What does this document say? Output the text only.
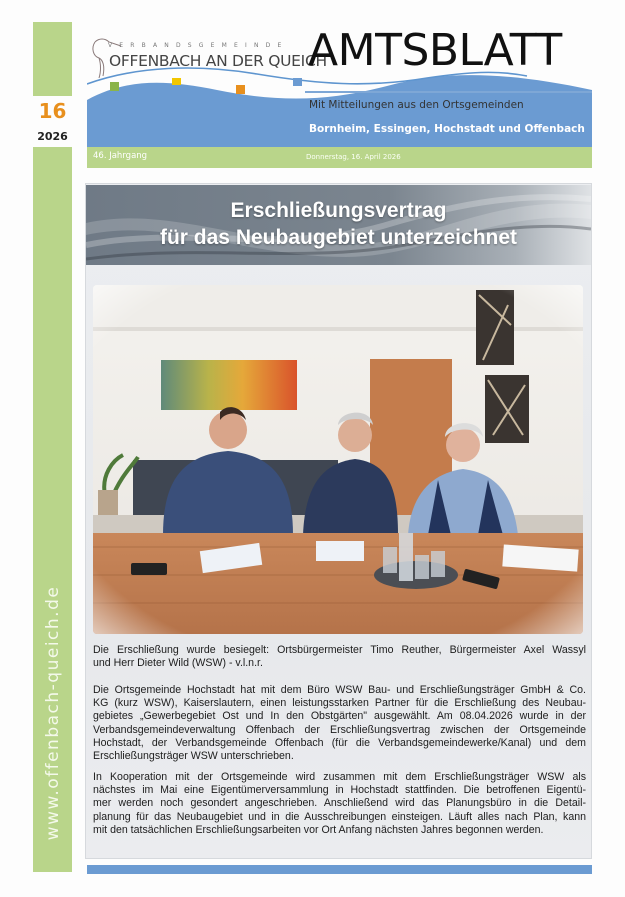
16
2026
www.offenbach-queich.de
VERBANDSGEMEINDE
OFFENBACH AN DER QUEICH
AMTSBLATT
Mit Mitteilungen aus den Ortsgemeinden
Bornheim, Essingen, Hochstadt und Offenbach
46. Jahrgang	Donnerstag, 16. April 2026
Erschließungsvertrag
für das Neubaugebiet unterzeichnet
Die Erschließung wurde besiegelt: Ortsbürgermeister Timo Reuther, Bürgermeister Axel Wassyl
und Herr Dieter Wild (WSW) - v.l.n.r.
Die Ortsgemeinde Hochstadt hat mit dem Büro WSW Bau- und Erschließungsträger GmbH & Co.
KG (kurz WSW), Kaiserslautern, einen leistungsstarken Partner für die Erschließung des Neubau-
gebietes „Gewerbegebiet Ost und In den Obstgärten" ausgewählt. Am 08.04.2026 wurde in der
Verbandsgemeindeverwaltung Offenbach der Erschließungsvertrag zwischen der Ortsgemeinde
Hochstadt, der Verbandsgemeinde Offenbach (für die Verbandsgemeindewerke/Kanal) und dem
Erschließungsträger WSW unterschrieben.
In Kooperation mit der Ortsgemeinde wird zusammen mit dem Erschließungsträger WSW als
nächstes im Mai eine Eigentümerversammlung in Hochstadt stattfinden. Die betroffenen Eigentü-
mer werden noch gesondert angeschrieben. Anschließend wird das Planungsbüro in die Detail-
planung für das Neubaugebiet und in die Ausschreibungen einsteigen. Läuft alles nach Plan, kann
mit den tatsächlichen Erschließungsarbeiten vor Ort Anfang nächsten Jahres begonnen werden.
